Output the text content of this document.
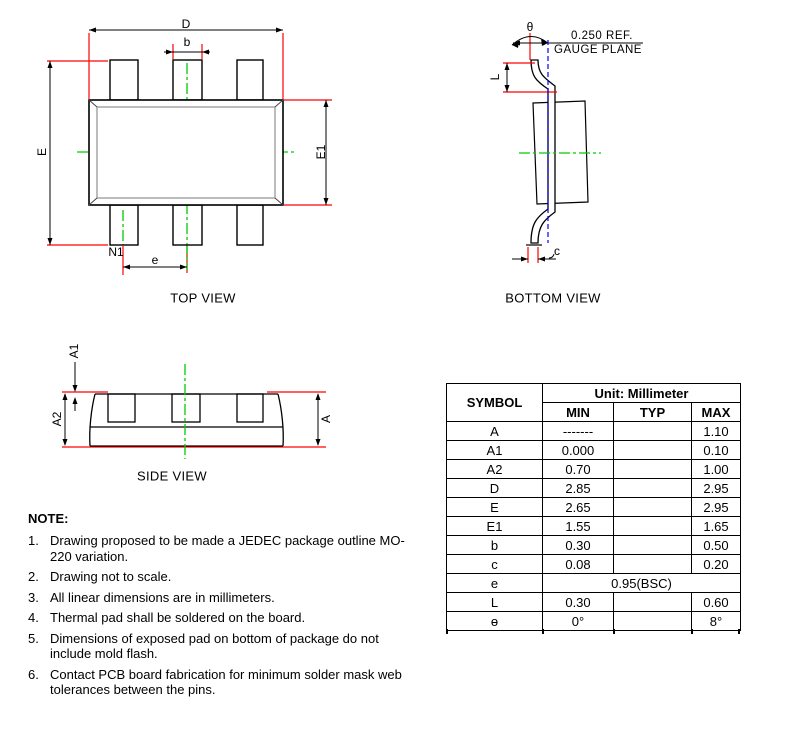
D
b
E	E1
N1
e
TOP VIEW
θ
0.250 REF.
GAUGE PLANE
L
c
BOTTOM VIEW
A1
A2	A
SIDE VIEW
SYMBOL	Unit: Millimeter		
	MIN	TYP	MAX
A	-------		1.10
A1	0.000		0.10
A2	0.70		1.00
D	2.85		2.95
E	2.65		2.95
E1	1.55		1.65
b	0.30		0.50
c	0.08		0.20
e	0.95(BSC)		
L	0.30		0.60
ɵ	0°		8°
NOTE:
1. Drawing proposed to be made a JEDEC package outline MO-220 variation.
2. Drawing not to scale.
3. All linear dimensions are in millimeters.
4. Thermal pad shall be soldered on the board.
5. Dimensions of exposed pad on bottom of package do not include mold flash.
6. Contact PCB board fabrication for minimum solder mask web tolerances between the pins.
